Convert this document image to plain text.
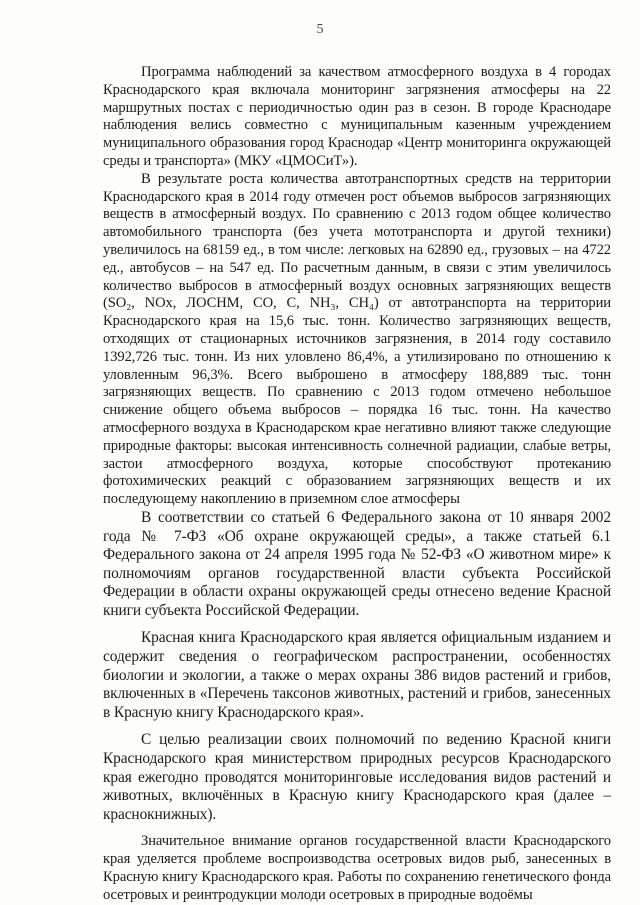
5

Программа наблюдений за качеством атмосферного воздуха в 4 городах Краснодарского края включала мониторинг загрязнения атмосферы на 22 маршрутных постах с периодичностью один раз в сезон. В городе Краснодаре наблюдения велись совместно с муниципальным казенным учреждением муниципального образования город Краснодар «Центр мониторинга окружающей среды и транспорта» (МКУ «ЦМОСиТ»).

В результате роста количества автотранспортных средств на территории Краснодарского края в 2014 году отмечен рост объемов выбросов загрязняющих веществ в атмосферный воздух. По сравнению с 2013 годом общее количество автомобильного транспорта (без учета мототранспорта и другой техники) увеличилось на 68159 ед., в том числе: легковых на 62890 ед., грузовых – на 4722 ед., автобусов – на 547 ед. По расчетным данным, в связи с этим увеличилось количество выбросов в атмосферный воздух основных загрязняющих веществ (SO₂, NOx, ЛОСНМ, CO, C, NH₃, CH₄) от автотранспорта на территории Краснодарского края на 15,6 тыс. тонн. Количество загрязняющих веществ, отходящих от стационарных источников загрязнения, в 2014 году составило 1392,726 тыс. тонн. Из них уловлено 86,4%, а утилизировано по отношению к уловленным 96,3%. Всего выброшено в атмосферу 188,889 тыс. тонн загрязняющих веществ. По сравнению с 2013 годом отмечено небольшое снижение общего объема выбросов – порядка 16 тыс. тонн. На качество атмосферного воздуха в Краснодарском крае негативно влияют также следующие природные факторы: высокая интенсивность солнечной радиации, слабые ветры, застои атмосферного воздуха, которые способствуют протеканию фотохимических реакций с образованием загрязняющих веществ и их последующему накоплению в приземном слое атмосферы

В соответствии со статьей 6 Федерального закона от 10 января 2002 года № 7-ФЗ «Об охране окружающей среды», а также статьей 6.1 Федерального закона от 24 апреля 1995 года № 52-ФЗ «О животном мире» к полномочиям органов государственной власти субъекта Российской Федерации в области охраны окружающей среды отнесено ведение Красной книги субъекта Российской Федерации.

Красная книга Краснодарского края является официальным изданием и содержит сведения о географическом распространении, особенностях биологии и экологии, а также о мерах охраны 386 видов растений и грибов, включенных в «Перечень таксонов животных, растений и грибов, занесенных в Красную книгу Краснодарского края».

С целью реализации своих полномочий по ведению Красной книги Краснодарского края министерством природных ресурсов Краснодарского края ежегодно проводятся мониторинговые исследования видов растений и животных, включённых в Красную книгу Краснодарского края (далее – краснокнижных).

Значительное внимание органов государственной власти Краснодарского края уделяется проблеме воспроизводства осетровых видов рыб, занесенных в Красную книгу Краснодарского края. Работы по сохранению генетического фонда осетровых и реинтродукции молоди осетровых в природные водоёмы
